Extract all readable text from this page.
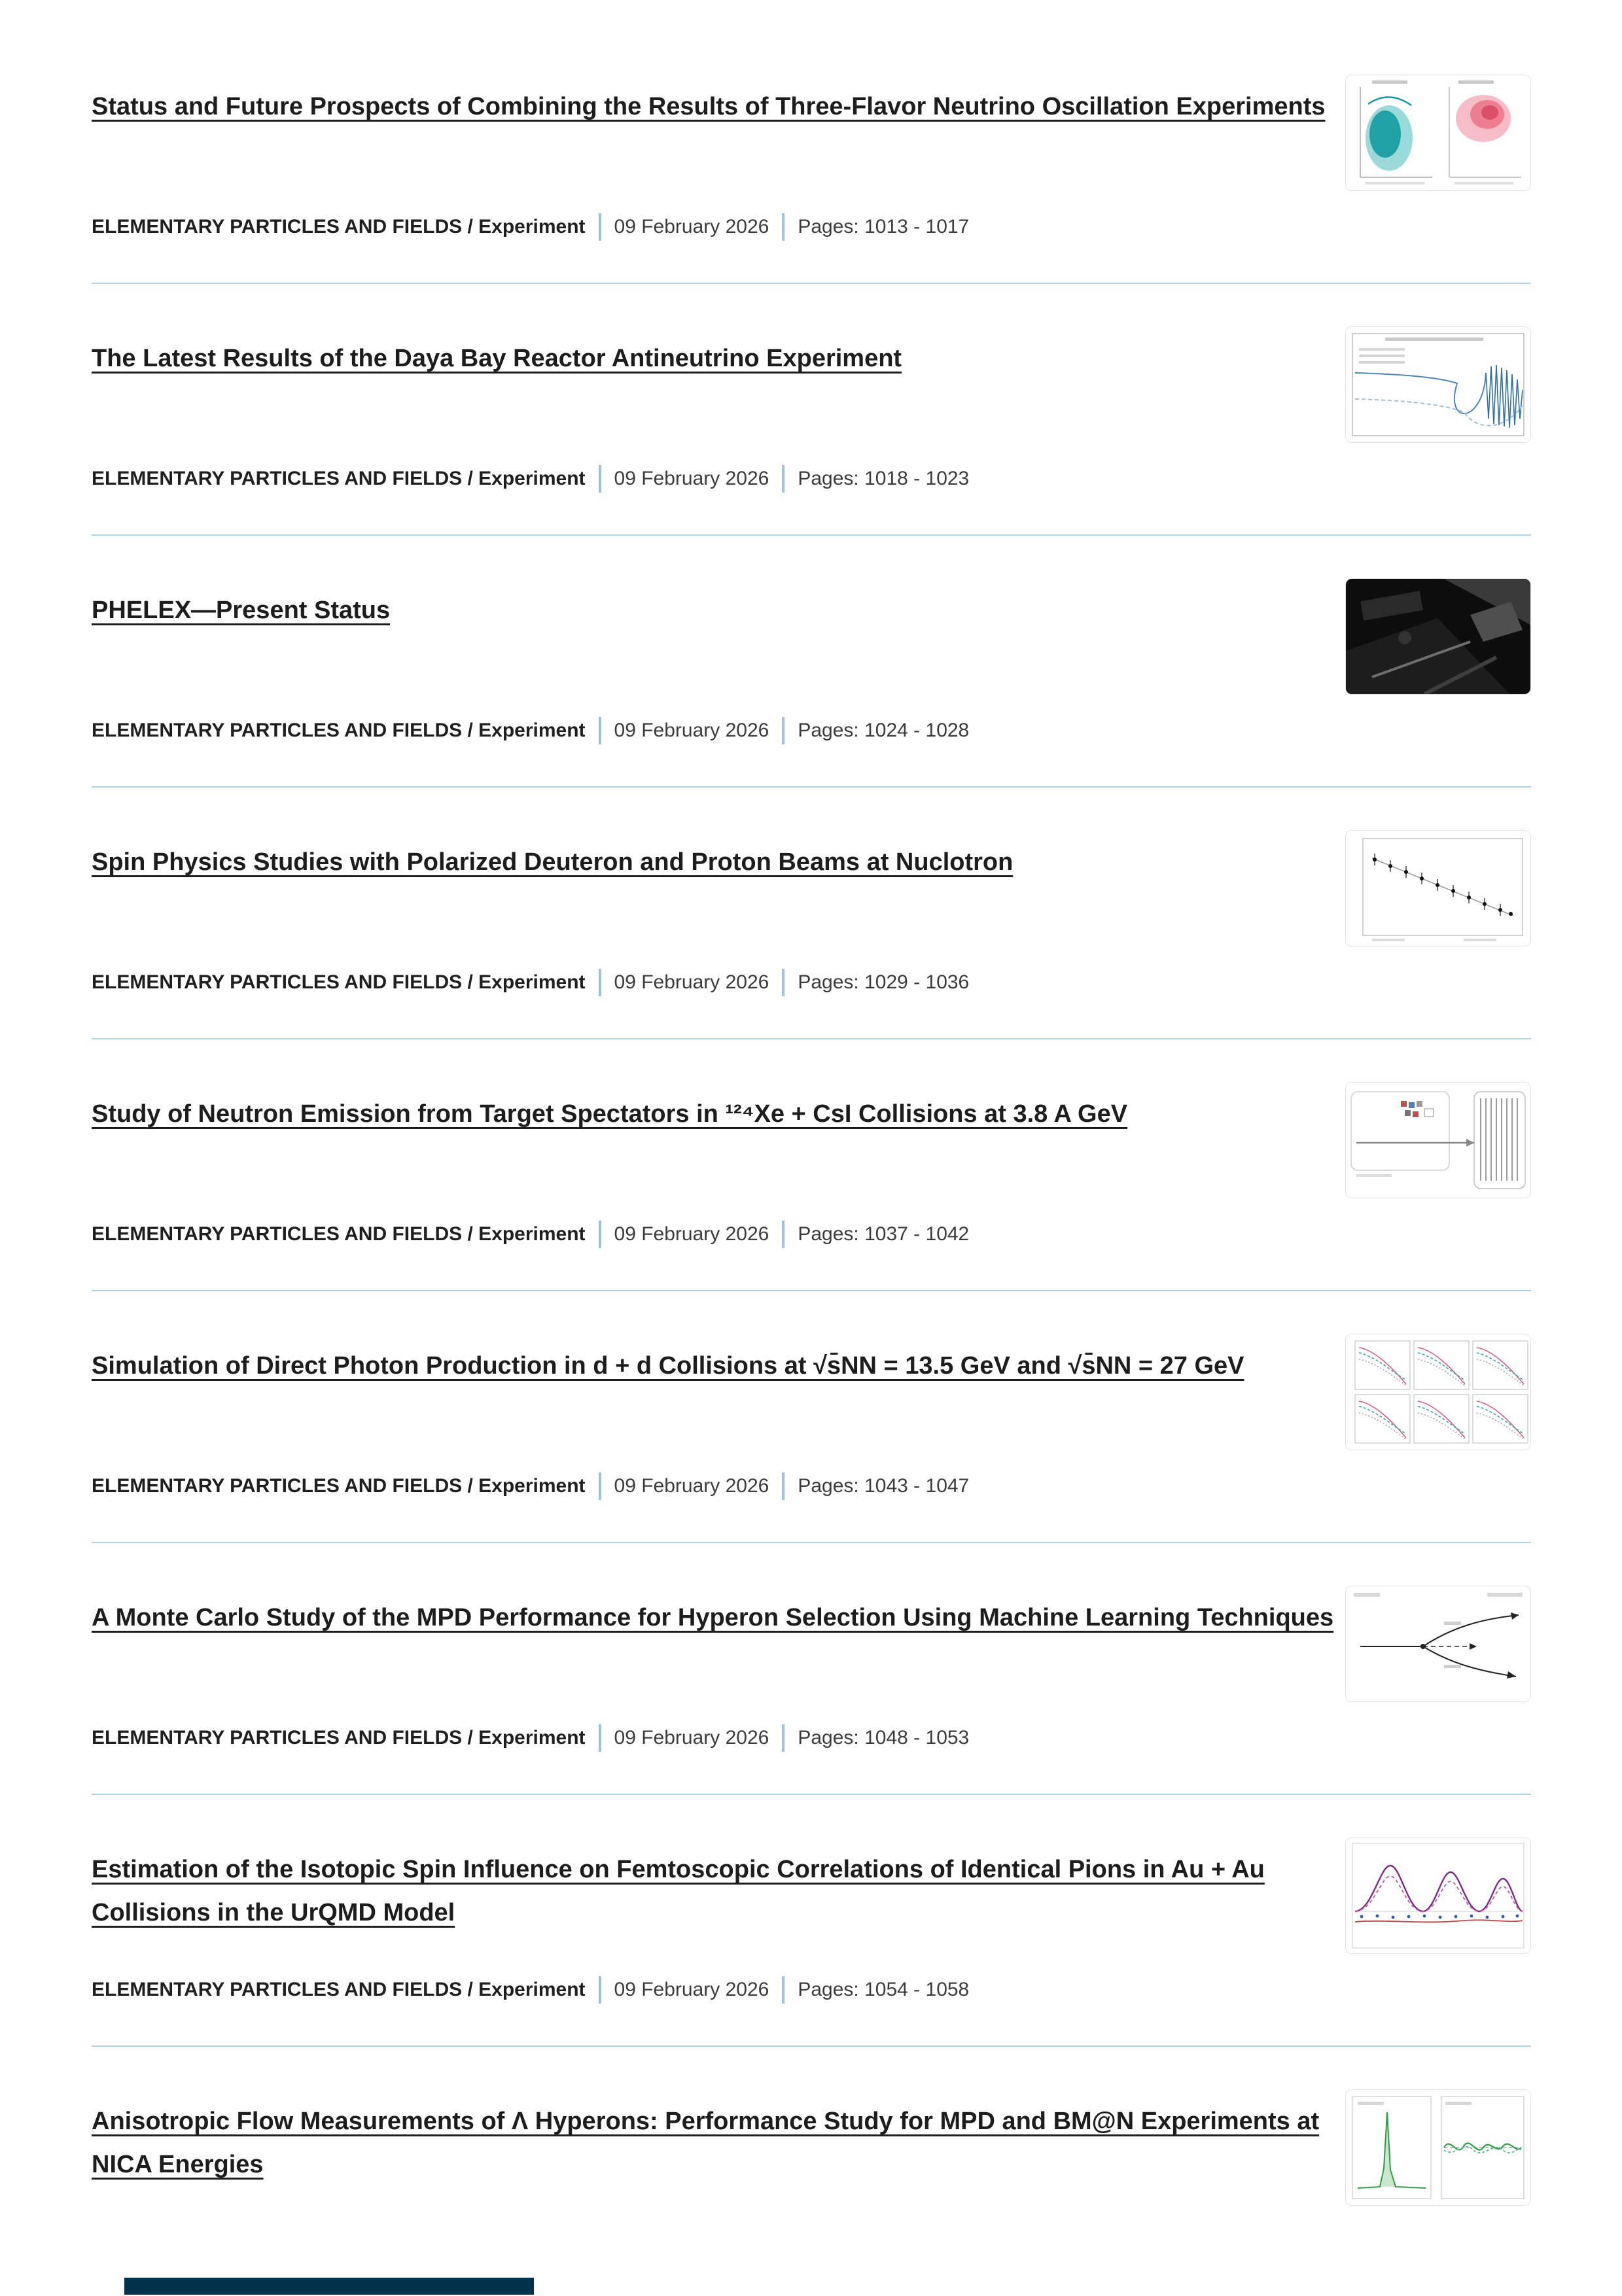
Status and Future Prospects of Combining the Results of Three-Flavor Neutrino Oscillation Experiments
ELEMENTARY PARTICLES AND FIELDS / Experiment 09 February 2026 Pages: 1013 - 1017
The Latest Results of the Daya Bay Reactor Antineutrino Experiment
ELEMENTARY PARTICLES AND FIELDS / Experiment 09 February 2026 Pages: 1018 - 1023
PHELEX—Present Status
ELEMENTARY PARTICLES AND FIELDS / Experiment 09 February 2026 Pages: 1024 - 1028
Spin Physics Studies with Polarized Deuteron and Proton Beams at Nuclotron
ELEMENTARY PARTICLES AND FIELDS / Experiment 09 February 2026 Pages: 1029 - 1036
Study of Neutron Emission from Target Spectators in ¹²⁴Xe + CsI Collisions at 3.8 A GeV
ELEMENTARY PARTICLES AND FIELDS / Experiment 09 February 2026 Pages: 1037 - 1042
Simulation of Direct Photon Production in d + d Collisions at √s̄NN = 13.5 GeV and √s̄NN = 27 GeV
ELEMENTARY PARTICLES AND FIELDS / Experiment 09 February 2026 Pages: 1043 - 1047
A Monte Carlo Study of the MPD Performance for Hyperon Selection Using Machine Learning Techniques
ELEMENTARY PARTICLES AND FIELDS / Experiment 09 February 2026 Pages: 1048 - 1053
Estimation of the Isotopic Spin Influence on Femtoscopic Correlations of Identical Pions in Au + Au Collisions in the UrQMD Model
ELEMENTARY PARTICLES AND FIELDS / Experiment 09 February 2026 Pages: 1054 - 1058
Anisotropic Flow Measurements of Λ Hyperons: Performance Study for MPD and BM@N Experiments at NICA Energies
